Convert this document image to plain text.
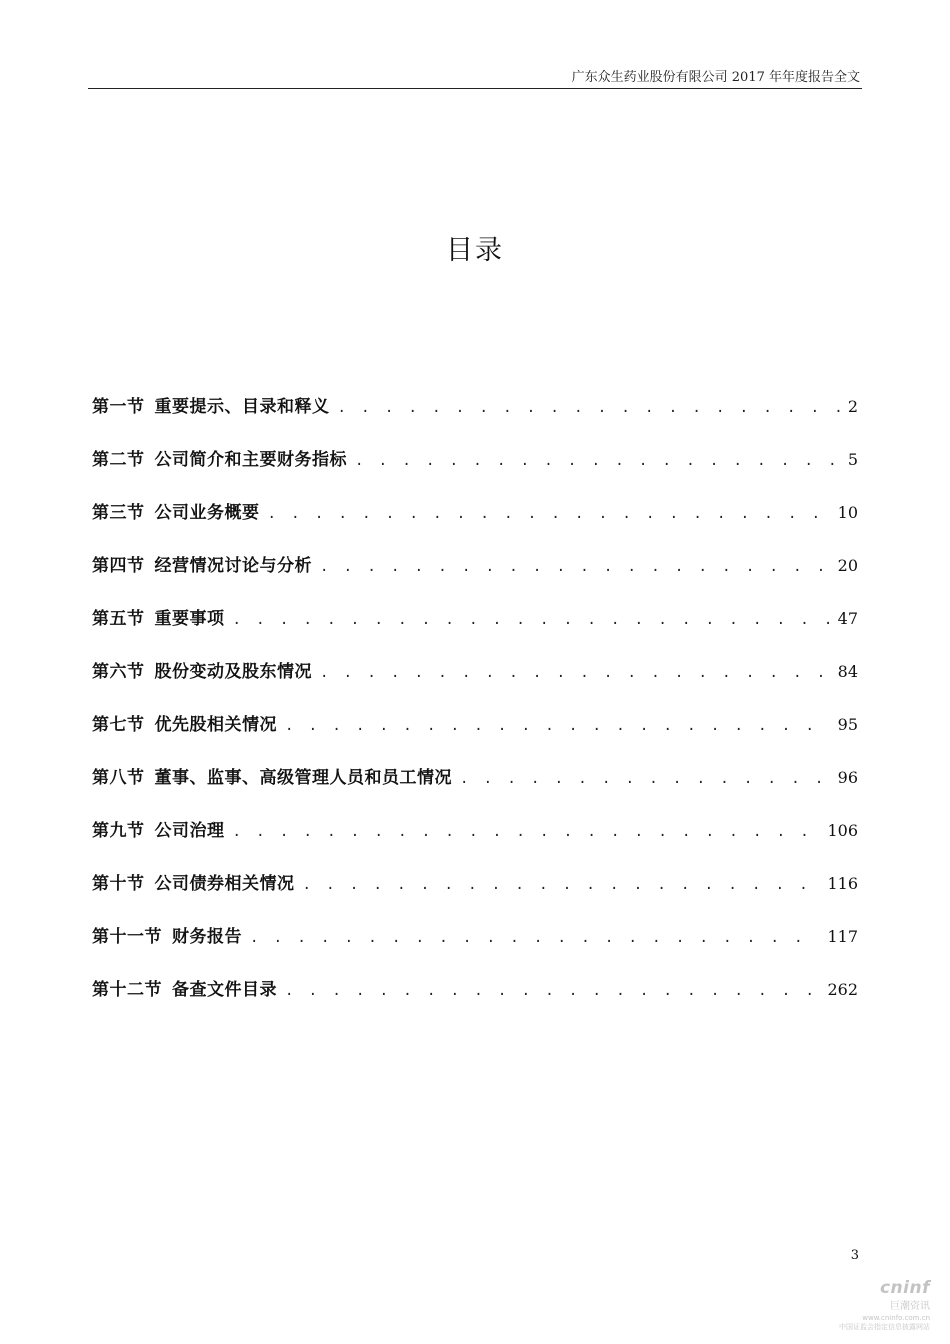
广东众生药业股份有限公司 2017 年年度报告全文
目录
第一节 重要提示、目录和释义 . . .	2
第二节 公司简介和主要财务指标 . . .	5
第三节 公司业务概要 . . .	10
第四节 经营情况讨论与分析 . . .	20
第五节 重要事项 . . .	47
第六节 股份变动及股东情况 . . .	84
第七节 优先股相关情况 . . .	95
第八节 董事、监事、高级管理人员和员工情况 . . .	96
第九节 公司治理 . . .	106
第十节 公司债券相关情况 . . .	116
第十一节 财务报告 . . .	117
第十二节 备查文件目录 . . .	262
3
cninf
巨潮资讯
www.cninfo.com.cn
中国证监会指定信息披露网站
